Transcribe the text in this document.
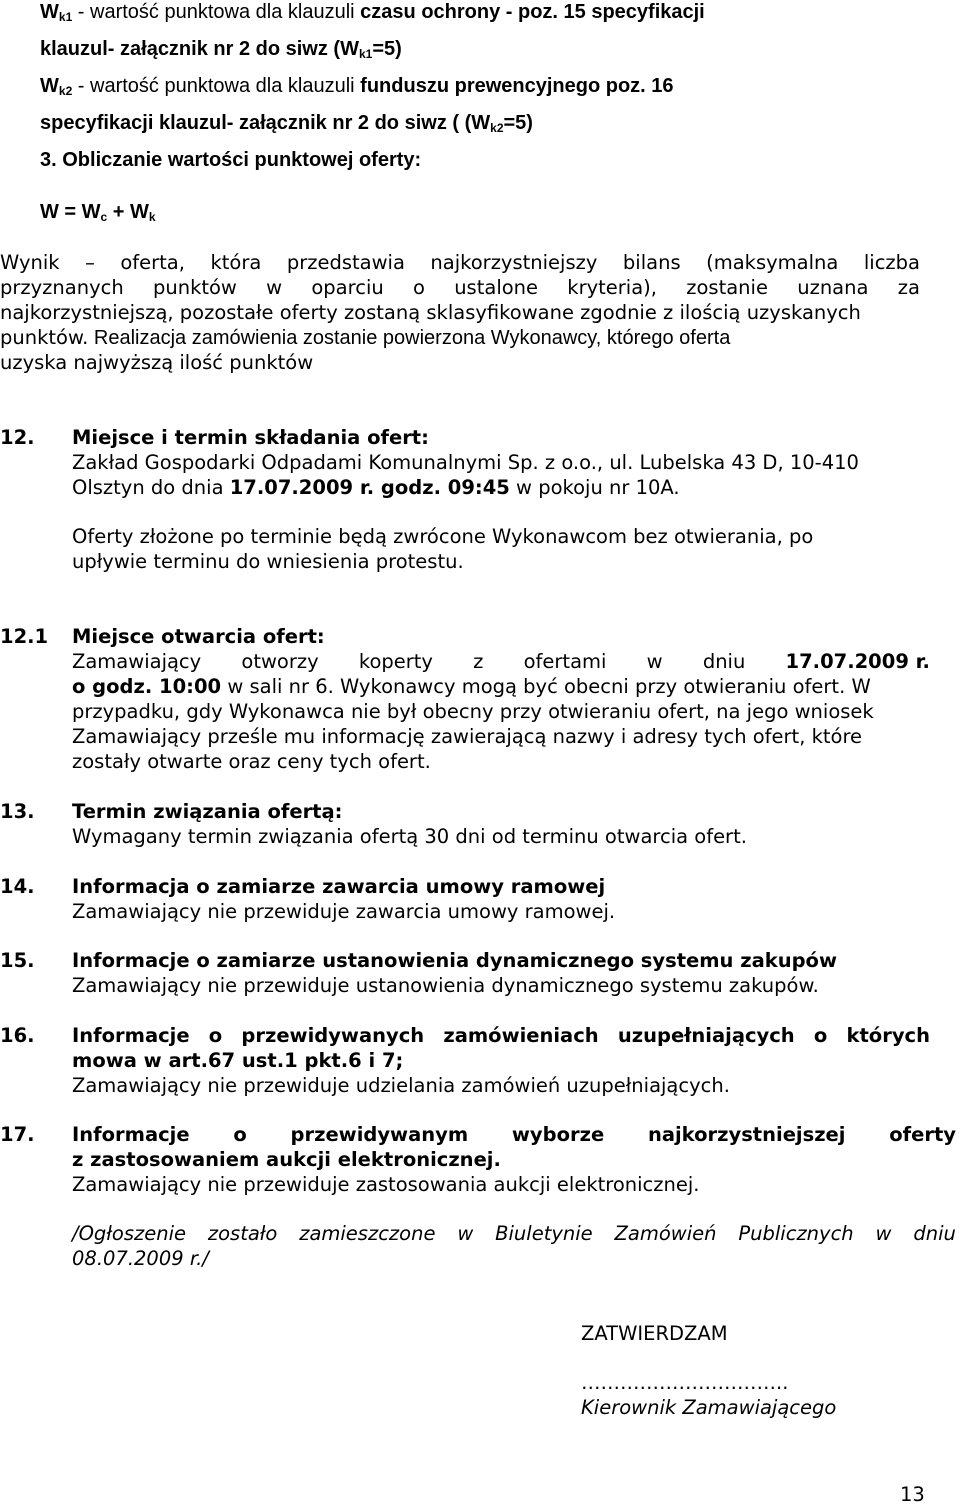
$W_{k1}$ - wartość punktowa dla klauzuli czasu ochrony - poz. 15 specyfikacji
klauzul- załącznik nr 2 do siwz $(W_{k1}=5)$
$W_{k2}$ - wartość punktowa dla klauzuli funduszu prewencyjnego poz. 16
specyfikacji klauzul- załącznik nr 2 do siwz ( $(W_{k2}=5)$
3. Obliczanie wartości punktowej oferty:
$W = W_c + W_k$
Wynik – oferta, która przedstawia najkorzystniejszy bilans (maksymalna liczba
przyznanych punktów w oparciu o ustalone kryteria), zostanie uznana za
najkorzystniejszą, pozostałe oferty zostaną sklasyfikowane zgodnie z ilością uzyskanych
punktów. Realizacja zamówienia zostanie powierzona Wykonawcy, którego oferta
uzyska najwyższą ilość punktów
12. Miejsce i termin składania ofert:
Zakład Gospodarki Odpadami Komunalnymi Sp. z o.o., ul. Lubelska 43 D, 10-410
Olsztyn do dnia 17.07.2009 r. godz. 09:45 w pokoju nr 10A.
Oferty złożone po terminie będą zwrócone Wykonawcom bez otwierania, po
upływie terminu do wniesienia protestu.
12.1 Miejsce otwarcia ofert:
Zamawiający otworzy koperty z ofertami w dniu 17.07.2009 r.
o godz. 10:00 w sali nr 6. Wykonawcy mogą być obecni przy otwieraniu ofert. W
przypadku, gdy Wykonawca nie był obecny przy otwieraniu ofert, na jego wniosek
Zamawiający prześle mu informację zawierającą nazwy i adresy tych ofert, które
zostały otwarte oraz ceny tych ofert.
13. Termin związania ofertą:
Wymagany termin związania ofertą 30 dni od terminu otwarcia ofert.
14. Informacja o zamiarze zawarcia umowy ramowej
Zamawiający nie przewiduje zawarcia umowy ramowej.
15. Informacje o zamiarze ustanowienia dynamicznego systemu zakupów
Zamawiający nie przewiduje ustanowienia dynamicznego systemu zakupów.
16. Informacje o przewidywanych zamówieniach uzupełniających o których
mowa w art.67 ust.1 pkt.6 i 7;
Zamawiający nie przewiduje udzielania zamówień uzupełniających.
17. Informacje o przewidywanym wyborze najkorzystniejszej oferty
z zastosowaniem aukcji elektronicznej.
Zamawiający nie przewiduje zastosowania aukcji elektronicznej.
/Ogłoszenie zostało zamieszczone w Biuletynie Zamówień Publicznych w dniu
08.07.2009 r./
ZATWIERDZAM
…………………………..
Kierownik Zamawiającego
13
